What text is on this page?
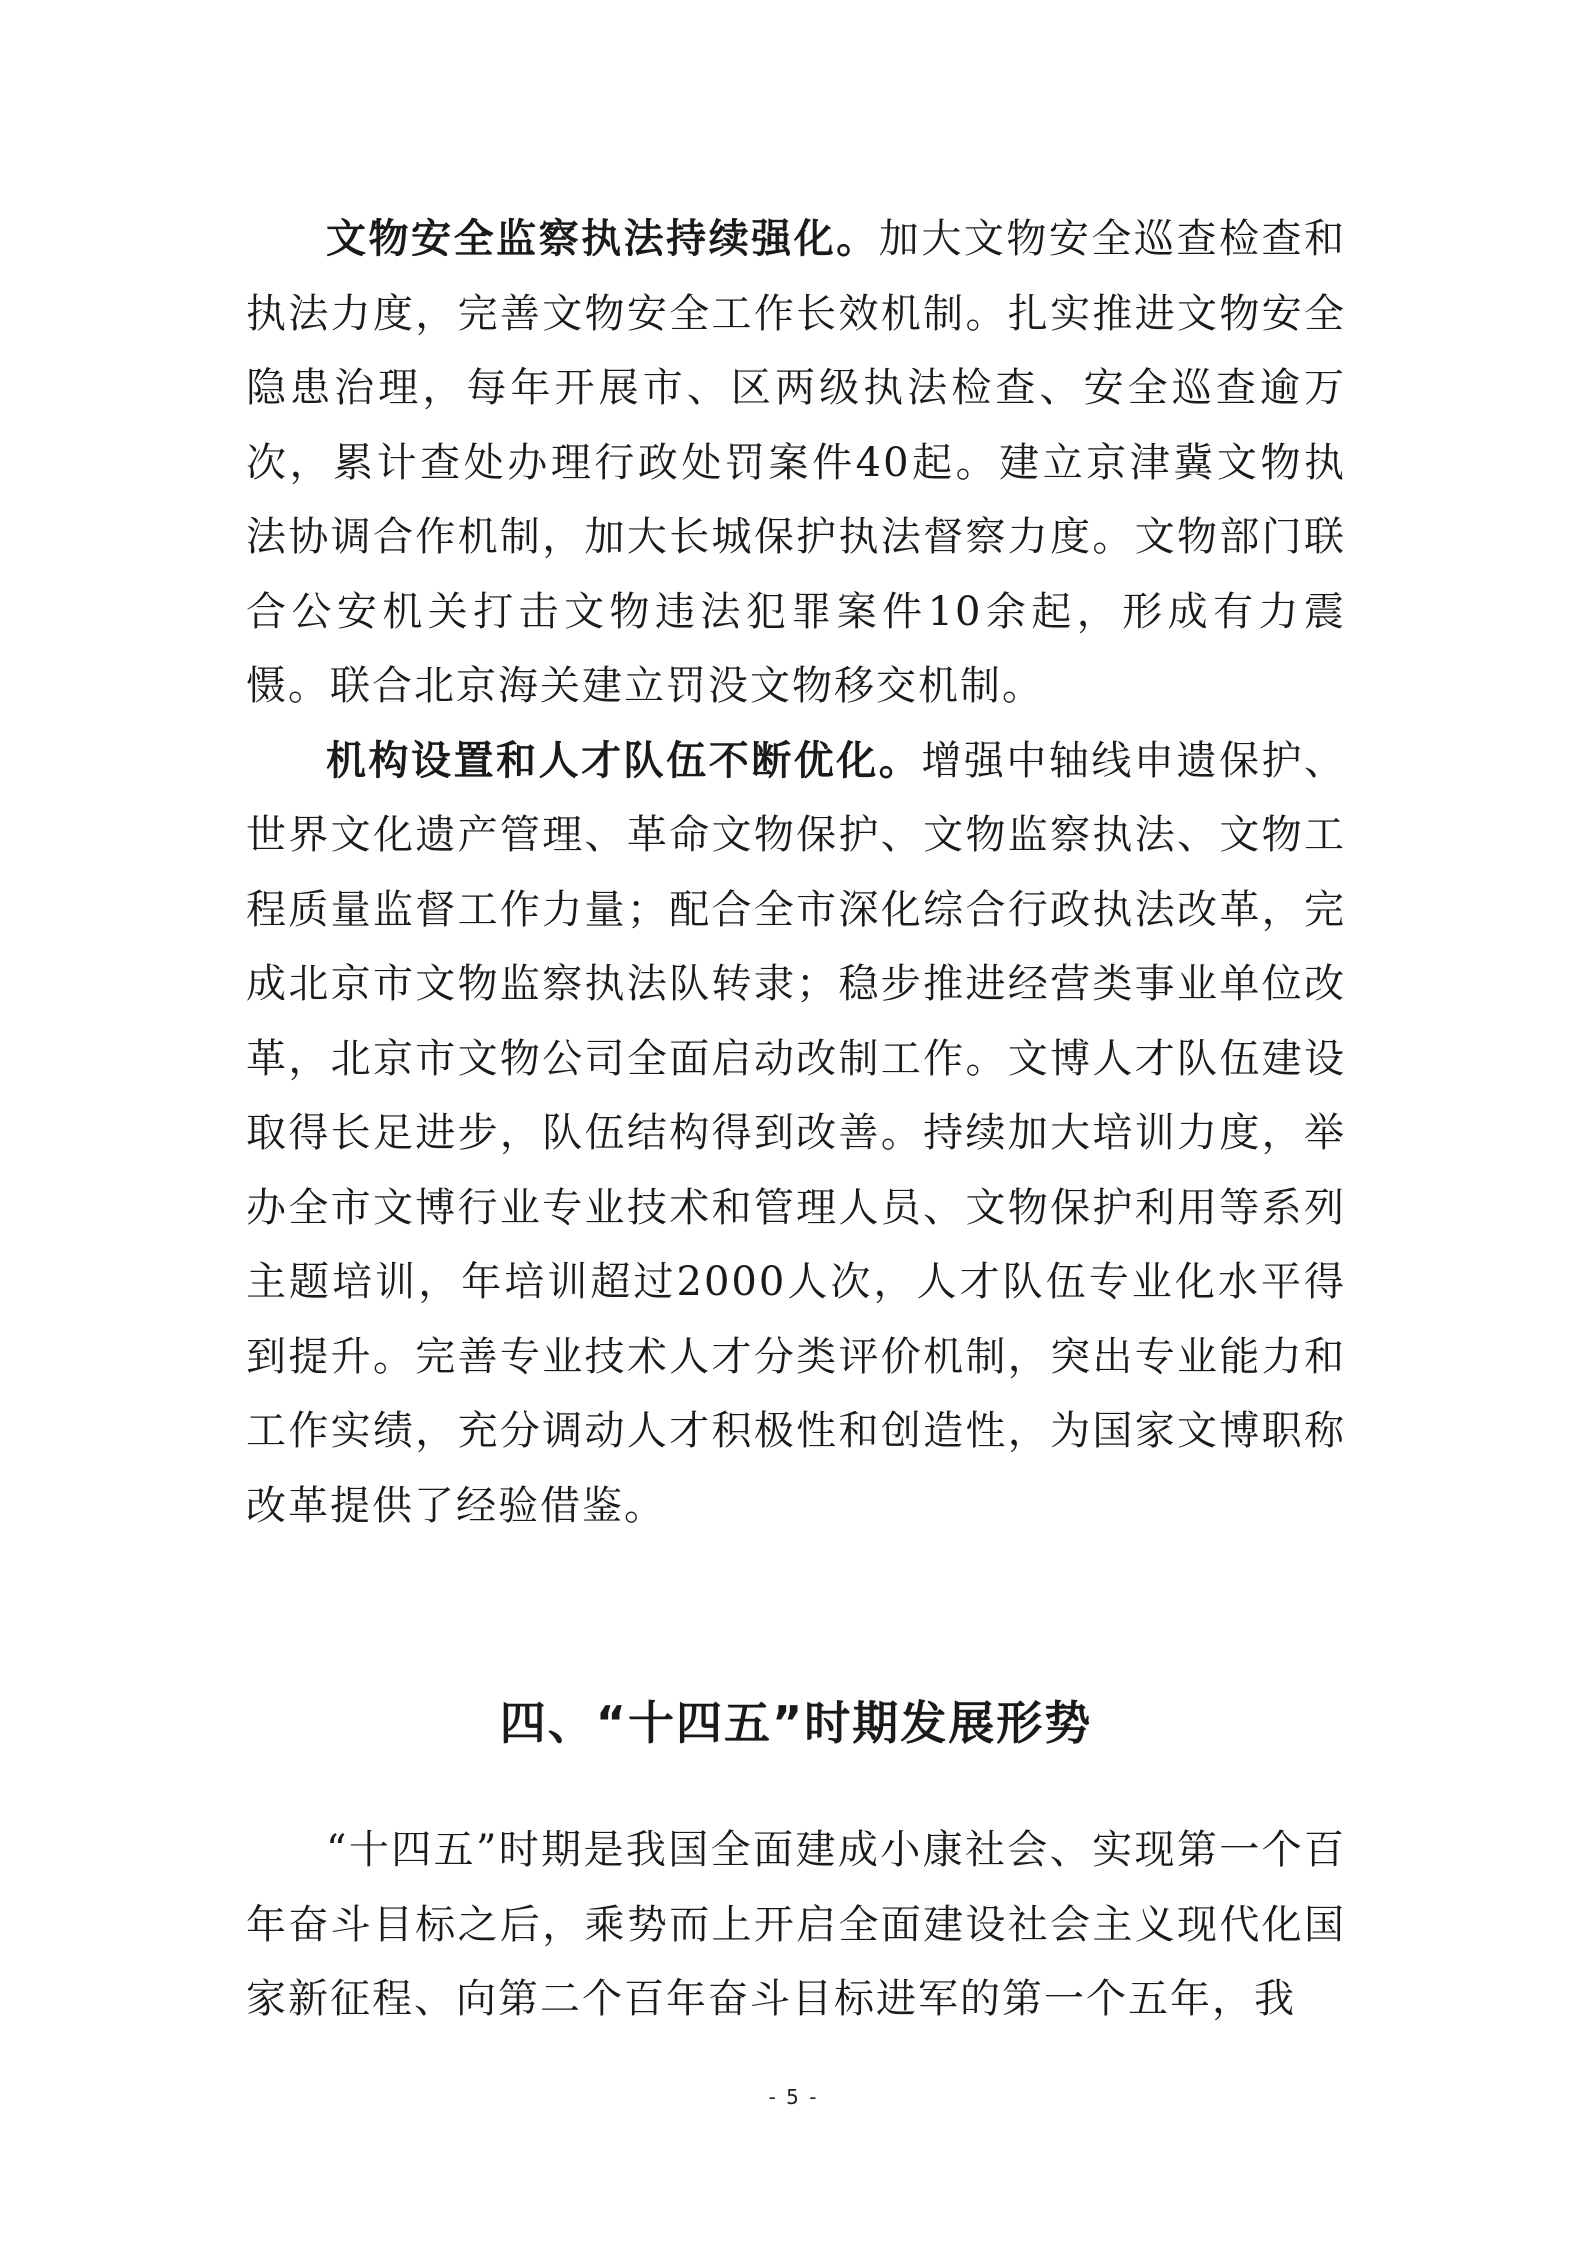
文物安全监察执法持续强化。加大文物安全巡查检查和执法力度，完善文物安全工作长效机制。扎实推进文物安全隐患治理，每年开展市、区两级执法检查、安全巡查逾万次，累计查处办理行政处罚案件40起。建立京津冀文物执法协调合作机制，加大长城保护执法督察力度。文物部门联合公安机关打击文物违法犯罪案件10余起，形成有力震慑。联合北京海关建立罚没文物移交机制。

机构设置和人才队伍不断优化。增强中轴线申遗保护、世界文化遗产管理、革命文物保护、文物监察执法、文物工程质量监督工作力量；配合全市深化综合行政执法改革，完成北京市文物监察执法队转隶；稳步推进经营类事业单位改革，北京市文物公司全面启动改制工作。文博人才队伍建设取得长足进步，队伍结构得到改善。持续加大培训力度，举办全市文博行业专业技术和管理人员、文物保护利用等系列主题培训，年培训超过2000人次，人才队伍专业化水平得到提升。完善专业技术人才分类评价机制，突出专业能力和工作实绩，充分调动人才积极性和创造性，为国家文博职称改革提供了经验借鉴。

四、“十四五”时期发展形势

“十四五”时期是我国全面建成小康社会、实现第一个百年奋斗目标之后，乘势而上开启全面建设社会主义现代化国家新征程、向第二个百年奋斗目标进军的第一个五年，我

- 5 -
